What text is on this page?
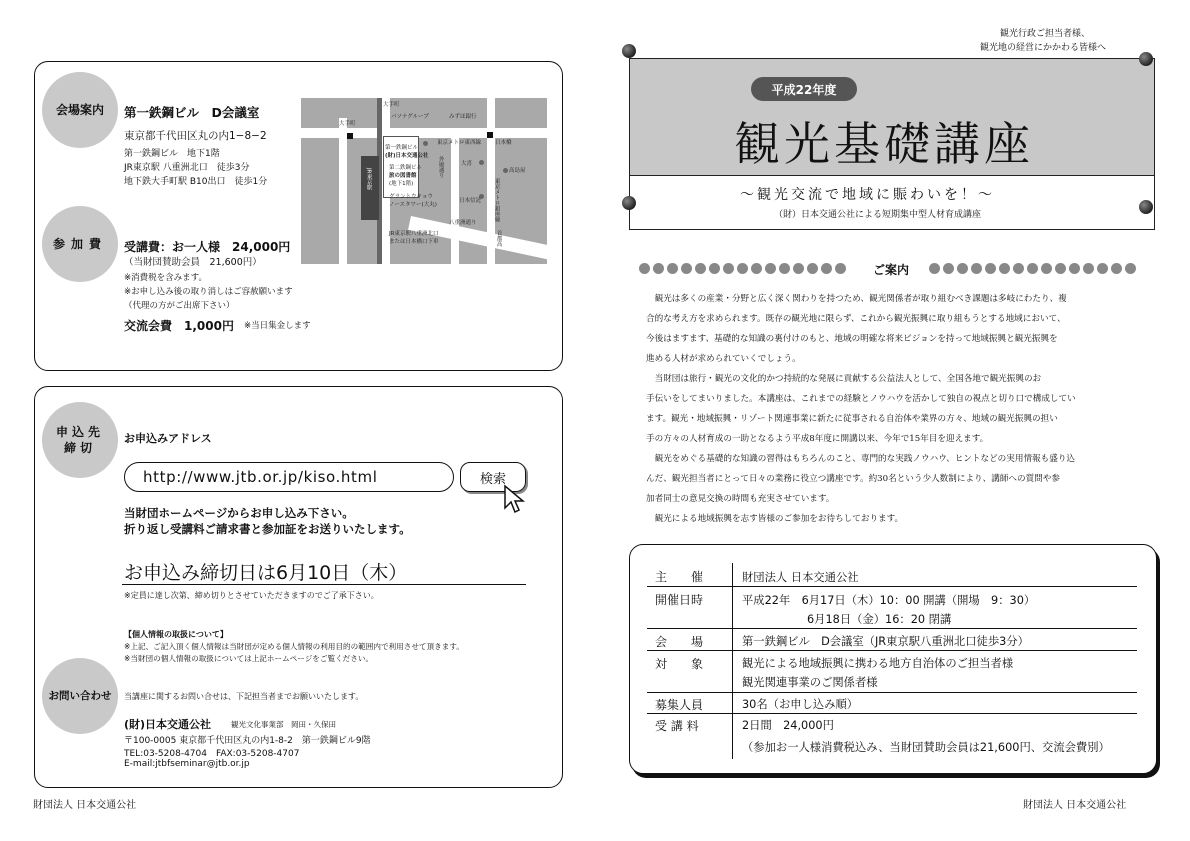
会場案内 第一鉄鋼ビル　D会議室
東京都千代田区丸の内1−8−2
第一鉄鋼ビル　地下1階
JR東京駅 八重洲北口　徒歩3分
地下鉄大手町駅 B10出口　徒歩1分
大手町
大手町
パソナグループ	みずほ銀行
日本橋
東京メトロ東西線
第一鉄鋼ビル
(財)日本交通公社 外堀通り	大喜
高島屋
第二鉄鋼ビル
旅の図書館
(地下1階)
グラントウキョウ
ノースタワー(大丸)
日本信託 東京メトロ銀座線
八重洲通り
JR東京駅
JR東京駅八重洲北口
または日本橋口下車	首都高
参加費 受講費：お一人様　24,000円
（当財団賛助会員　21,600円）
※消費税を含みます。
※お申し込み後の取り消しはご容赦願います
（代理の方がご出席下さい）
交流会費　1,000円 ※当日集金します
申込先締切
お申込みアドレス
http://www.jtb.or.jp/kiso.html	検索
当財団ホームページからお申し込み下さい。
折り返し受講料ご請求書と参加証をお送りいたします。
お申込み締切日は6月10日（木）
※定員に達し次第、締め切りとさせていただきますのでご了承下さい。
【個人情報の取扱について】
※上記、ご記入頂く個人情報は当財団が定める個人情報の利用目的の範囲内で利用させて頂きます。
※当財団の個人情報の取扱については上記ホームページをご覧ください。
お問い合わせ 当講座に関するお問い合せは、下記担当者までお願いいたします。
(財)日本交通公社	観光文化事業部　岡田・久保田
〒100-0005 東京都千代田区丸の内1-8-2　第一鉄鋼ビル9階
TEL:03-5208-4704　FAX:03-5208-4707
E-mail:jtbfseminar@jtb.or.jp
財団法人 日本交通公社
観光行政ご担当者様、
観光地の経営にかかわる皆様へ
平成22年度
観光基礎講座
〜観光交流で地域に賑わいを！〜
（財）日本交通公社による短期集中型人材育成講座
ご案内
　観光は多くの産業・分野と広く深く関わりを持つため、観光関係者が取り組むべき課題は多岐にわたり、複
合的な考え方を求められます。既存の観光地に限らず、これから観光振興に取り組もうとする地域において、
今後はますます、基礎的な知識の裏付けのもと、地域の明確な将来ビジョンを持って地域振興と観光振興を
進める人材が求められていくでしょう。
　当財団は旅行・観光の文化的かつ持続的な発展に貢献する公益法人として、全国各地で観光振興のお
手伝いをしてまいりました。本講座は、これまでの経験とノウハウを活かして独自の視点と切り口で構成してい
ます。観光・地域振興・リゾート関連事業に新たに従事される自治体や業界の方々、地域の観光振興の担い
手の方々の人材育成の一助となるよう平成8年度に開講以来、今年で15年目を迎えます。
　観光をめぐる基礎的な知識の習得はもちろんのこと、専門的な実践ノウハウ、ヒントなどの実用情報も盛り込
んだ、観光担当者にとって日々の業務に役立つ講座です。約30名という少人数制により、講師への質問や参
加者同士の意見交換の時間も充実させています。
　観光による地域振興を志す皆様のご参加をお待ちしております。
主　　催	財団法人 日本交通公社
開催日時	平成22年　6月17日（木）10：00 開講（開場　9：30）
6月18日（金）16：20 閉講
会　　場	第一鉄鋼ビル　D会議室（JR東京駅八重洲北口徒歩3分）
対　　象	観光による地域振興に携わる地方自治体のご担当者様
観光関連事業のご関係者様
募集人員	30名（お申し込み順）
受 講 料	2日間　24,000円
（参加お一人様消費税込み、当財団賛助会員は21,600円、交流会費別）
財団法人 日本交通公社
